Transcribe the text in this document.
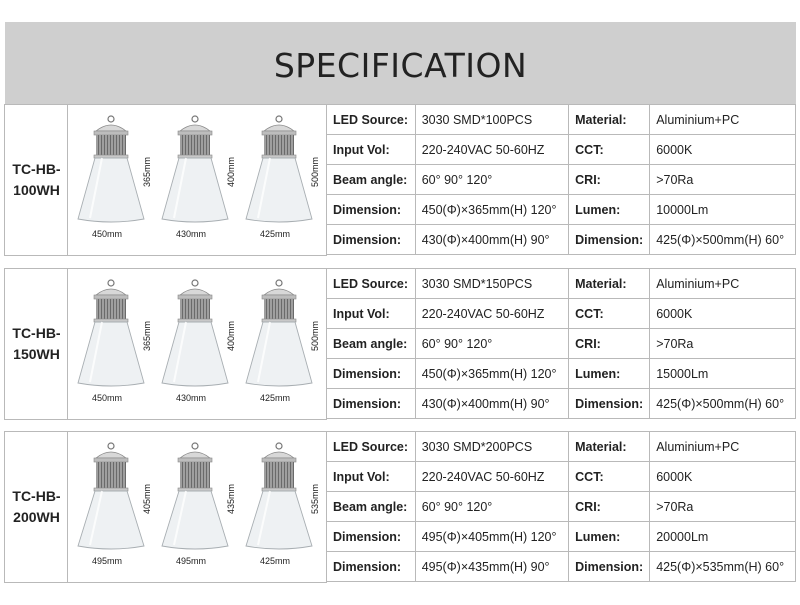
SPECIFICATION
TC-HB-
100WH
365mm
450mm
400mm
430mm
500mm
425mm
LED Source:	3030 SMD*100PCS	Material:	Aluminium+PC
Input Vol:	220-240VAC 50-60HZ	CCT:	6000K
Beam angle:	60° 90° 120°	CRI:	>70Ra
Dimension:	450(Φ)×365mm(H) 120°	Lumen:	10000Lm
Dimension:	430(Φ)×400mm(H) 90°	Dimension:	425(Φ)×500mm(H) 60°
TC-HB-
150WH
365mm
450mm
400mm
430mm
500mm
425mm
LED Source:	3030 SMD*150PCS	Material:	Aluminium+PC
Input Vol:	220-240VAC 50-60HZ	CCT:	6000K
Beam angle:	60° 90° 120°	CRI:	>70Ra
Dimension:	450(Φ)×365mm(H) 120°	Lumen:	15000Lm
Dimension:	430(Φ)×400mm(H) 90°	Dimension:	425(Φ)×500mm(H) 60°
TC-HB-
200WH
405mm
495mm
435mm
495mm
535mm
425mm
LED Source:	3030 SMD*200PCS	Material:	Aluminium+PC
Input Vol:	220-240VAC 50-60HZ	CCT:	6000K
Beam angle:	60° 90° 120°	CRI:	>70Ra
Dimension:	495(Φ)×405mm(H) 120°	Lumen:	20000Lm
Dimension:	495(Φ)×435mm(H) 90°	Dimension:	425(Φ)×535mm(H) 60°
